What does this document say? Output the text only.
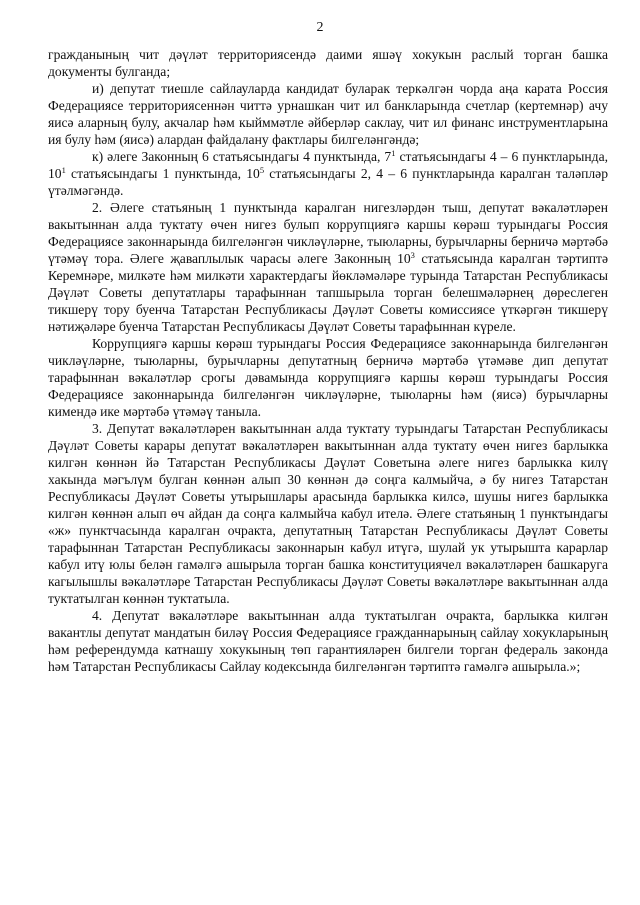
2

гражданының чит дәүләт территориясендә даими яшәү хокукын раслый торган башка документы булганда;

и) депутат тиешле сайлауларда кандидат буларак теркәлгән чорда аңа карата Россия Федерациясе территориясеннән читтә урнашкан чит ил банкларында счетлар (кертемнәр) ачу яисә аларның булу, акчалар һәм кыйммәтле әйберләр саклау, чит ил финанс инструментларына ия булу һәм (яисә) алардан файдалану фактлары билгеләнгәндә;

к) әлеге Законның 6 статьясындагы 4 пунктында, $7^1$ статьясындагы 4 – 6 пунктларында, $10^1$ статьясындагы 1 пунктында, $10^5$ статьясындагы 2, 4 – 6 пунктларында каралган таләпләр үтәлмәгәндә.

2. Әлеге статьяның 1 пунктында каралган нигезләрдән тыш, депутат вәкаләтләрен вакытыннан алда туктату өчен нигез булып коррупциягә каршы көрәш турындагы Россия Федерациясе законнарында билгеләнгән чикләүләрне, тыюларны, бурычларны берничә мәртәбә үтәмәү тора. Әлеге җаваплылык чарасы әлеге Законның $10^3$ статьясында каралган тәртиптә Керемнәре, милкәте һәм милкәти характердагы йөкләмәләре турында Татарстан Республикасы Дәүләт Советы депутатлары тарафыннан тапшырыла торган белешмәләрнең дөреслеген тикшерү тору буенча Татарстан Республикасы Дәүләт Советы комиссиясе үткәргән тикшерү нәтиҗәләре буенча Татарстан Республикасы Дәүләт Советы тарафыннан күреле.

Коррупциягә каршы көрәш турындагы Россия Федерациясе законнарында билгеләнгән чикләүләрне, тыюларны, бурычларны депутатның берничә мәртәбә үтәмәве дип депутат тарафыннан вәкаләтләр срогы дәвамында коррупциягә каршы көрәш турындагы Россия Федерациясе законнарында билгеләнгән чикләүләрне, тыюларны һәм (яисә) бурычларны кимендә ике мәртәбә үтәмәү таныла.

3. Депутат вәкаләтләрен вакытыннан алда туктату турындагы Татарстан Республикасы Дәүләт Советы карары депутат вәкаләтләрен вакытыннан алда туктату өчен нигез барлыкка килгән көннән йә Татарстан Республикасы Дәүләт Советына әлеге нигез барлыкка килү хакында мәгълүм булган көннән алып 30 көннән дә соңга калмыйча, ә бу нигез Татарстан Республикасы Дәүләт Советы утырышлары арасында барлыкка килсә, шушы нигез барлыкка килгән көннән алып өч айдан да соңга калмыйча кабул ителә. Әлеге статьяның 1 пунктындагы «ж» пунктчасында каралган очракта, депутатның Татарстан Республикасы Дәүләт Советы тарафыннан Татарстан Республикасы законнарын кабул итүгә, шулай ук утырышта карарлар кабул итү юлы белән гамәлгә ашырыла торган башка конституциячел вәкаләтләрен башкаруга кагылышлы вәкаләтләре Татарстан Республикасы Дәүләт Советы вәкаләтләре вакытыннан алда туктатылган көннән туктатыла.

4. Депутат вәкаләтләре вакытыннан алда туктатылган очракта, барлыкка килгән вакантлы депутат мандатын биләү Россия Федерациясе гражданнарының сайлау хокукларының һәм референдумда катнашу хокукының төп гарантияләрен билгели торган федераль законда һәм Татарстан Республикасы Сайлау кодексында билгеләнгән тәртиптә гамәлгә ашырыла.»;
